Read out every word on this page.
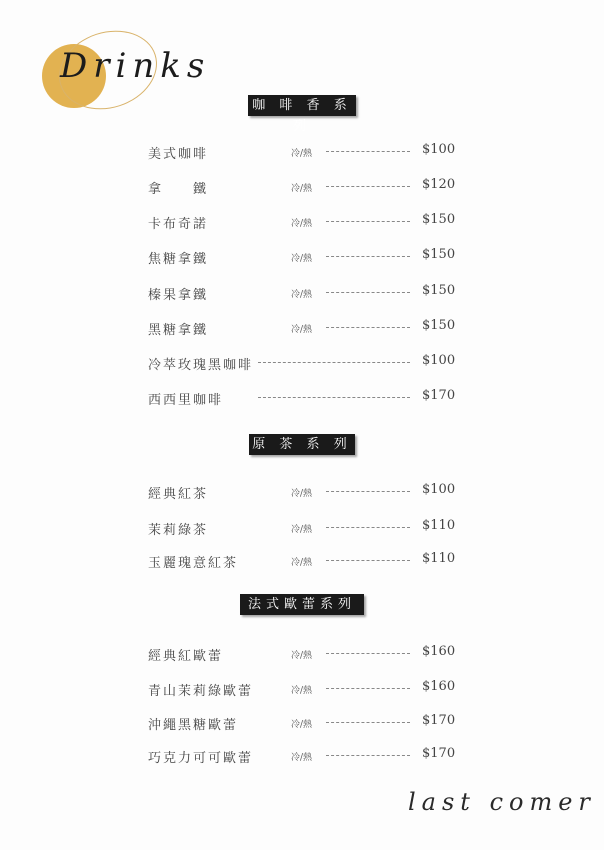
Drinks
咖 啡 香 系 列
美式咖啡	冷/熱	$100
拿　　鐵	冷/熱	$120
卡布奇諾	冷/熱	$150
焦糖拿鐵	冷/熱	$150
榛果拿鐵	冷/熱	$150
黑糖拿鐵	冷/熱	$150
冷萃玫瑰黑咖啡	$100
西西里咖啡	$170
原 茶 系 列
經典紅茶	冷/熱	$100
茉莉綠茶	冷/熱	$110
玉麗瑰意紅茶	冷/熱	$110
法式歐蕾系列
經典紅歐蕾	冷/熱	$160
青山茉莉綠歐蕾	冷/熱	$160
沖繩黑糖歐蕾	冷/熱	$170
巧克力可可歐蕾	冷/熱	$170
last comer
